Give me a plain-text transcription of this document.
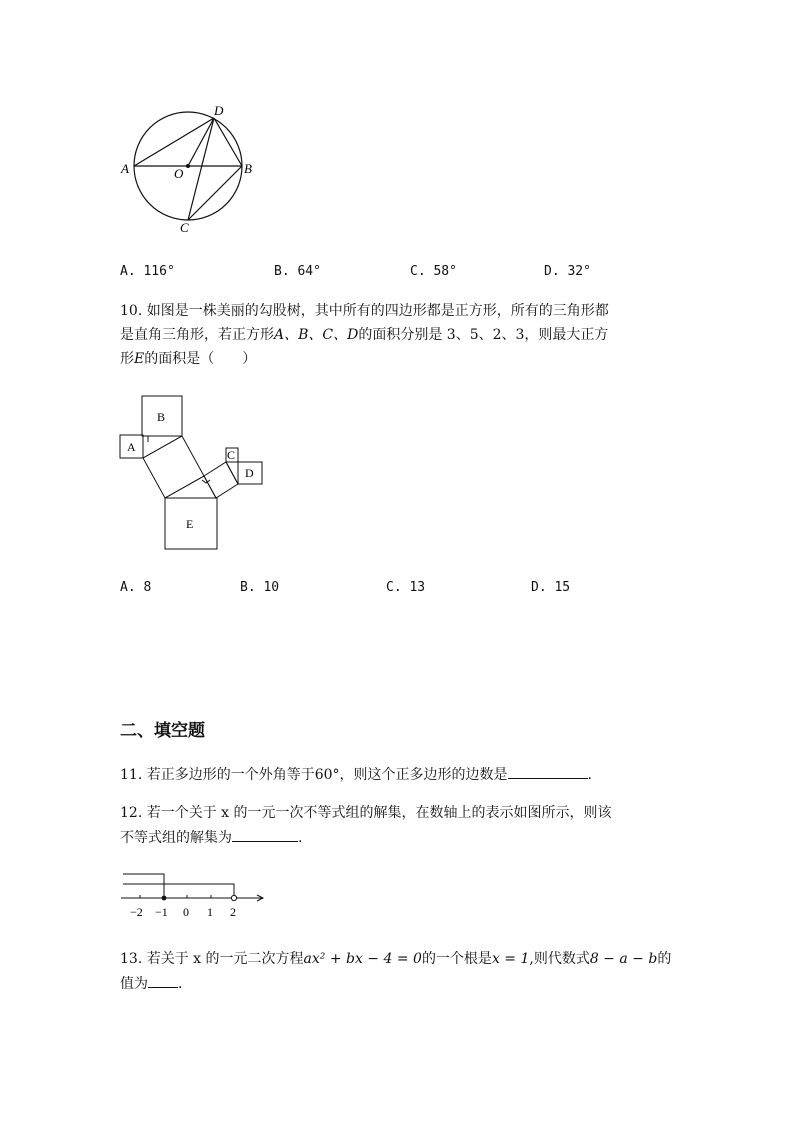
A	B
C
D
O
A. 116°	B. 64°	C. 58°	D. 32°
10. 如图是一株美丽的勾股树，其中所有的四边形都是正方形，所有的三角形都
是直角三角形，若正方形A、B、C、D的面积分别是 3、5、2、3，则最大正方
形E的面积是（　　）
B
A
C
D
E
A. 8	B. 10	C. 13	D. 15
二、填空题
11. 若正多边形的一个外角等于60°，则这个正多边形的边数是	.
12. 若一个关于 x 的一元一次不等式组的解集，在数轴上的表示如图所示，则该
不等式组的解集为	.
−2 −1 0 1 2
13. 若关于 x 的一元二次方程ax² + bx − 4 = 0的一个根是x = 1,则代数式8 − a − b的
值为 .
